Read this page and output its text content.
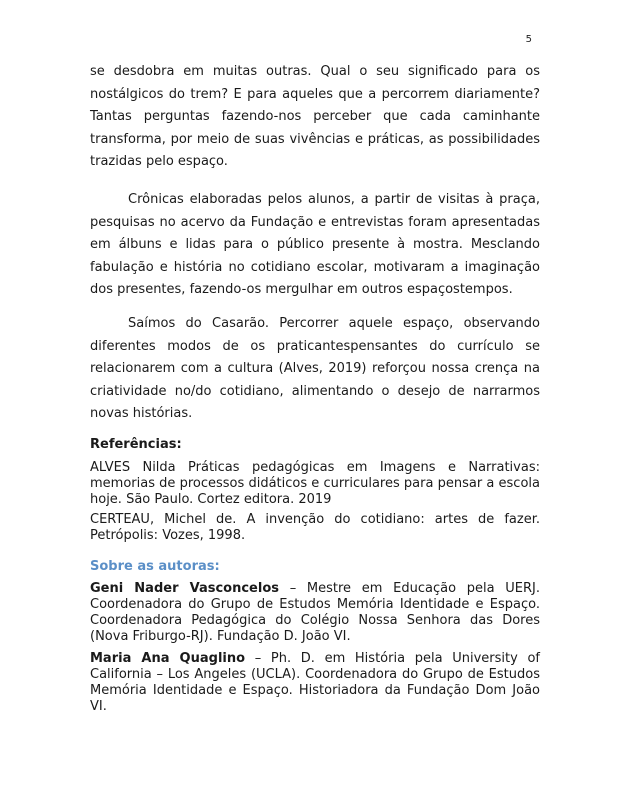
5

se desdobra em muitas outras. Qual o seu significado para os nostálgicos do trem? E para aqueles que a percorrem diariamente? Tantas perguntas fazendo-nos perceber que cada caminhante transforma, por meio de suas vivências e práticas, as possibilidades trazidas pelo espaço.

Crônicas elaboradas pelos alunos, a partir de visitas à praça, pesquisas no acervo da Fundação e entrevistas foram apresentadas em álbuns e lidas para o público presente à mostra. Mesclando fabulação e história no cotidiano escolar, motivaram a imaginação dos presentes, fazendo-os mergulhar em outros espaçostempos.

Saímos do Casarão. Percorrer aquele espaço, observando diferentes modos de os praticantespensantes do currículo se relacionarem com a cultura (Alves, 2019) reforçou nossa crença na criatividade no/do cotidiano, alimentando o desejo de narrarmos novas histórias.

Referências:

ALVES Nilda Práticas pedagógicas em Imagens e Narrativas: memorias de processos didáticos e curriculares para pensar a escola hoje. São Paulo. Cortez editora. 2019

CERTEAU, Michel de. A invenção do cotidiano: artes de fazer. Petrópolis: Vozes, 1998.

Sobre as autoras:

Geni Nader Vasconcelos – Mestre em Educação pela UERJ. Coordenadora do Grupo de Estudos Memória Identidade e Espaço. Coordenadora Pedagógica do Colégio Nossa Senhora das Dores (Nova Friburgo-RJ). Fundação D. João VI.

Maria Ana Quaglino – Ph. D. em História pela University of California – Los Angeles (UCLA). Coordenadora do Grupo de Estudos Memória Identidade e Espaço. Historiadora da Fundação Dom João VI.
